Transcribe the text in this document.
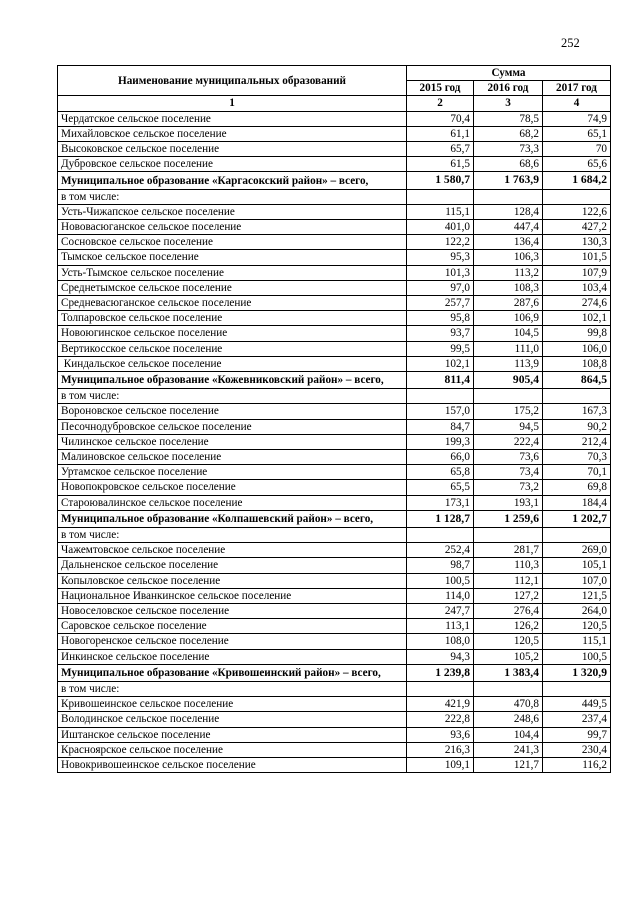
252
Наименование муниципальных образований	Сумма		
	2015 год	2016 год	2017 год
1	2	3	4
Чердатское сельское поселение	70,4	78,5	74,9
Михайловское сельское поселение	61,1	68,2	65,1
Высоковское сельское поселение	65,7	73,3	70
Дубровское сельское поселение	61,5	68,6	65,6
Муниципальное образование «Каргасокский район» – всего,	1 580,7	1 763,9	1 684,2
в том числе:			
Усть-Чижапское сельское поселение	115,1	128,4	122,6
Нововасюганское сельское поселение	401,0	447,4	427,2
Сосновское сельское поселение	122,2	136,4	130,3
Тымское сельское поселение	95,3	106,3	101,5
Усть-Тымское сельское поселение	101,3	113,2	107,9
Среднетымское сельское поселение	97,0	108,3	103,4
Средневасюганское сельское поселение	257,7	287,6	274,6
Толпаровское сельское поселение	95,8	106,9	102,1
Новоюгинское сельское поселение	93,7	104,5	99,8
Вертикосское сельское поселение	99,5	111,0	106,0
Киндальское сельское поселение	102,1	113,9	108,8
Муниципальное образование «Кожевниковский район» – всего,	811,4	905,4	864,5
в том числе:			
Вороновское сельское поселение	157,0	175,2	167,3
Песочнодубровское сельское поселение	84,7	94,5	90,2
Чилинское сельское поселение	199,3	222,4	212,4
Малиновское сельское поселение	66,0	73,6	70,3
Уртамское сельское поселение	65,8	73,4	70,1
Новопокровское сельское поселение	65,5	73,2	69,8
Староювалинское сельское поселение	173,1	193,1	184,4
Муниципальное образование «Колпашевский район» – всего,	1 128,7	1 259,6	1 202,7
в том числе:			
Чажемтовское сельское поселение	252,4	281,7	269,0
Дальненское сельское поселение	98,7	110,3	105,1
Копыловское сельское поселение	100,5	112,1	107,0
Национальное Иванкинское сельское поселение	114,0	127,2	121,5
Новоселовское сельское поселение	247,7	276,4	264,0
Саровское сельское поселение	113,1	126,2	120,5
Новогоренское сельское поселение	108,0	120,5	115,1
Инкинское сельское поселение	94,3	105,2	100,5
Муниципальное образование «Кривошеинский район» – всего,	1 239,8	1 383,4	1 320,9
в том числе:			
Кривошеинское сельское поселение	421,9	470,8	449,5
Володинское сельское поселение	222,8	248,6	237,4
Иштанское сельское поселение	93,6	104,4	99,7
Красноярское сельское поселение	216,3	241,3	230,4
Новокривошеинское сельское поселение	109,1	121,7	116,2
